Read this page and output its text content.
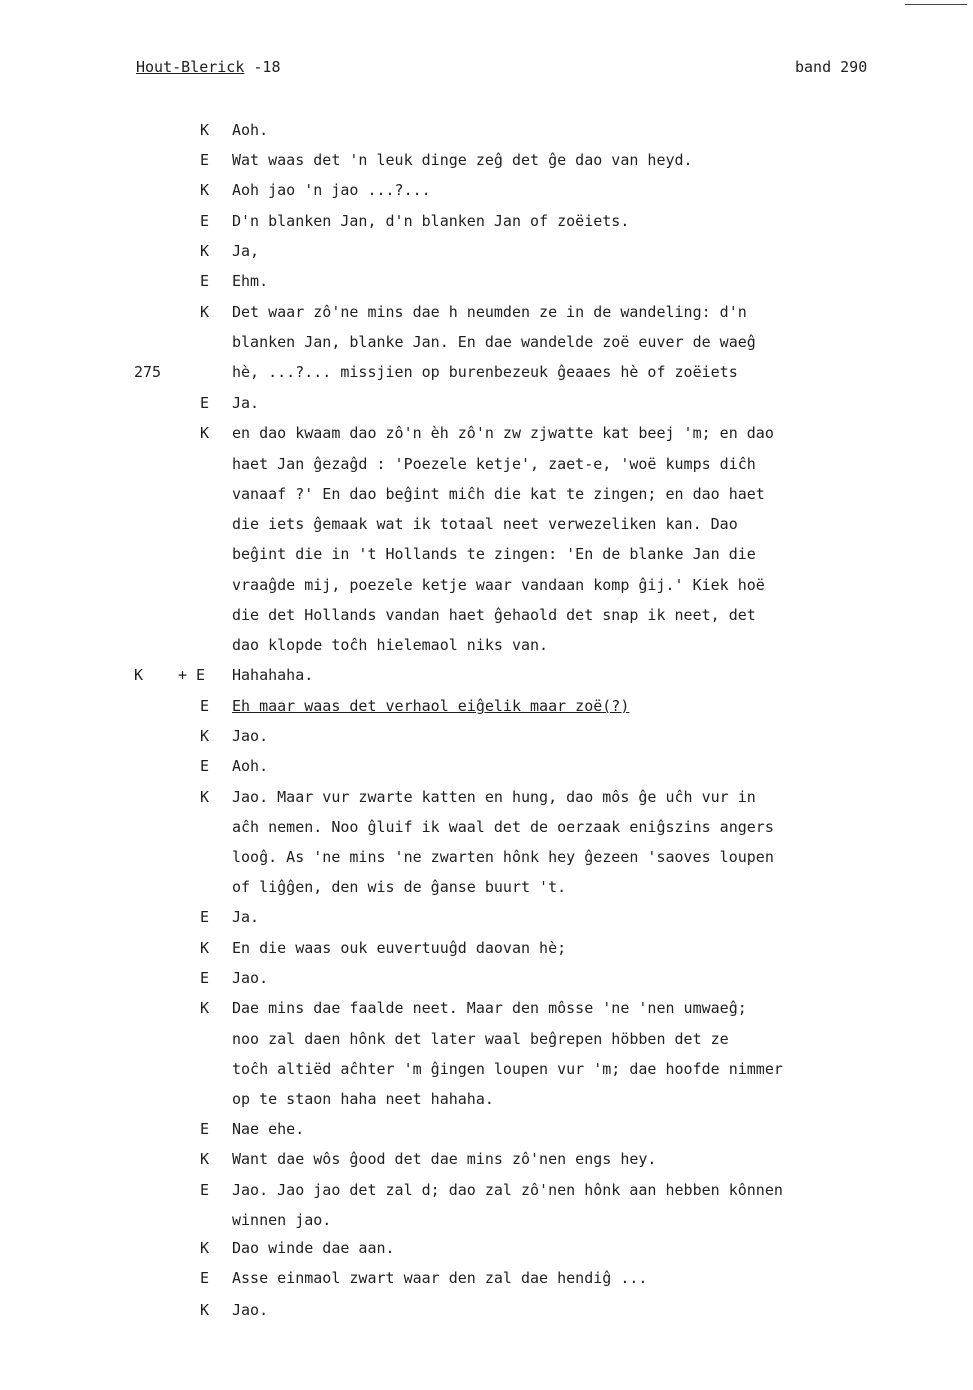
Hout-Blerick -18	band 290
K	Aoh.
E	Wat waas det 'n leuk dinge zeĝ det ĝe dao van heyd.
K	Aoh jao 'n jao ...?...
E	D'n blanken Jan, d'n blanken Jan of zoëiets.
K	Ja,
E	Ehm.
K	Det waar zô'ne mins dae h neumden ze in de wandeling: d'n
blanken Jan, blanke Jan. En dae wandelde zoë euver de waeĝ
275	hè, ...?... missjien op burenbezeuk ĝeaaes hè of zoëiets
E	Ja.
K	en dao kwaam dao zô'n èh zô'n zw zjwatte kat beej 'm; en dao
haet Jan ĝezaĝd : 'Poezele ketje', zaet-e, 'woë kumps diĉh
vanaaf ?' En dao beĝint miĉh die kat te zingen; en dao haet
die iets ĝemaak wat ik totaal neet verwezeliken kan. Dao
beĝint die in 't Hollands te zingen: 'En de blanke Jan die
vraaĝde mij, poezele ketje waar vandaan komp ĝij.' Kiek hoë
die det Hollands vandan haet ĝehaold det snap ik neet, det
dao klopde toĉh hielemaol niks van.
K + E	Hahahaha.
E	Eh maar waas det verhaol eiĝelik maar zoë(?)
K	Jao.
E	Aoh.
K	Jao. Maar vur zwarte katten en hung, dao môs ĝe uĉh vur in
aĉh nemen. Noo ĝluif ik waal det de oerzaak eniĝszins angers
looĝ. As 'ne mins 'ne zwarten hônk hey ĝezeen 'saoves loupen
of liĝĝen, den wis de ĝanse buurt 't.
E	Ja.
K	En die waas ouk euvertuuĝd daovan hè;
E	Jao.
K	Dae mins dae faalde neet. Maar den môsse 'ne 'nen umwaeĝ;
noo zal daen hônk det later waal beĝrepen höbben det ze
toĉh altiëd aĉhter 'm ĝingen loupen vur 'm; dae hoofde nimmer
op te staon haha neet hahaha.
E	Nae ehe.
K	Want dae wôs ĝood det dae mins zô'nen engs hey.
E	Jao. Jao jao det zal d; dao zal zô'nen hônk aan hebben kônnen
winnen jao.
K	Dao winde dae aan.
E	Asse einmaol zwart waar den zal dae hendiĝ ...
K	Jao.
